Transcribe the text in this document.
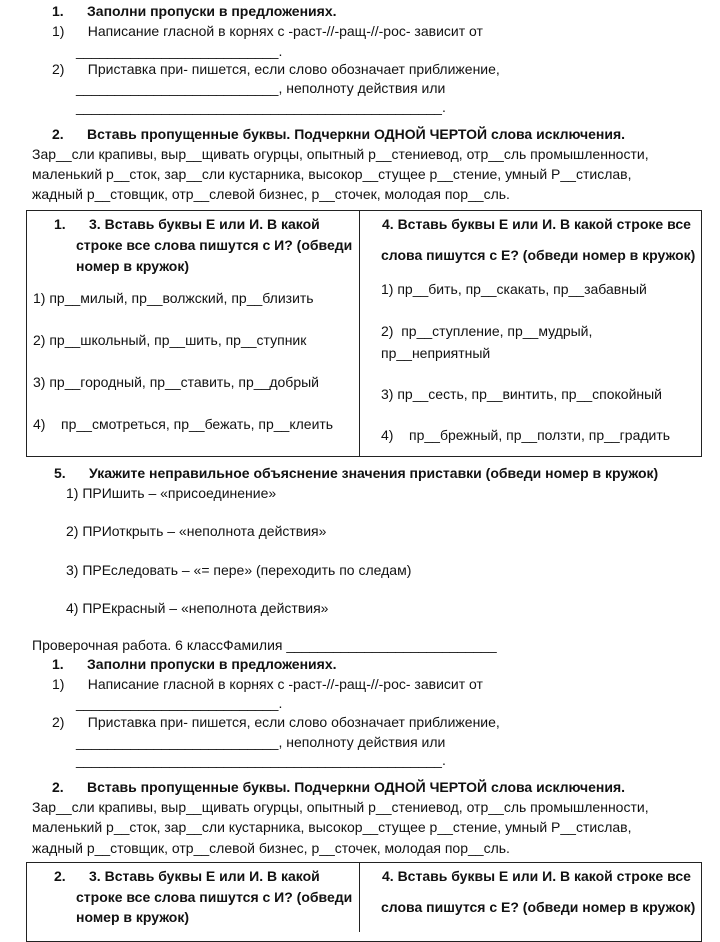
1.      Заполни пропуски в предложениях.
1)      Написание гласной в корнях с -раст-//-ращ-//-рос- зависит от
__________________________.
2)      Приставка при- пишется, если слово обозначает приближение,
__________________________, неполноту действия или
_______________________________________________.
2.      Вставь пропущенные буквы. Подчеркни ОДНОЙ ЧЕРТОЙ слова исключения.
Зар__сли крапивы, выр__щивать огурцы, опытный р__стениевод, отр__сль промышленности,
маленький р__сток, зар__сли кустарника, высокор__стущее р__стение, умный Р__стислав,
жадный р__стовщик, отр__слевой бизнес, р__сточек, молодая пор__сль.
1.      3. Вставь буквы Е или И. В какой
строке все слова пишутся с И? (обведи
номер в кружок)
1) пр__милый, пр__волжский, пр__близить
2) пр__школьный, пр__шить, пр__ступник
3) пр__городный, пр__ставить, пр__добрый
4)    пр__смотреться, пр__бежать, пр__клеить
4. Вставь буквы Е или И. В какой строке все
слова пишутся с Е? (обведи номер в кружок)
1) пр__бить, пр__скакать, пр__забавный
2)  пр__ступление, пр__мудрый,
пр__неприятный
3) пр__сесть, пр__винтить, пр__спокойный
4)    пр__брежный, пр__ползти, пр__градить
5.      Укажите неправильное объяснение значения приставки (обведи номер в кружок)
1) ПРИшить – «присоединение»
2) ПРИоткрыть – «неполнота действия»
3) ПРЕследовать – «= пере» (переходить по следам)
4) ПРЕкрасный – «неполнота действия»
Проверочная работа. 6 классФамилия ___________________________
1.      Заполни пропуски в предложениях.
1)      Написание гласной в корнях с -раст-//-ращ-//-рос- зависит от
__________________________.
2)      Приставка при- пишется, если слово обозначает приближение,
__________________________, неполноту действия или
_______________________________________________.
2.      Вставь пропущенные буквы. Подчеркни ОДНОЙ ЧЕРТОЙ слова исключения.
Зар__сли крапивы, выр__щивать огурцы, опытный р__стениевод, отр__сль промышленности,
маленький р__сток, зар__сли кустарника, высокор__стущее р__стение, умный Р__стислав,
жадный р__стовщик, отр__слевой бизнес, р__сточек, молодая пор__сль.
2.      3. Вставь буквы Е или И. В какой
строке все слова пишутся с И? (обведи
номер в кружок)
4. Вставь буквы Е или И. В какой строке все
слова пишутся с Е? (обведи номер в кружок)
